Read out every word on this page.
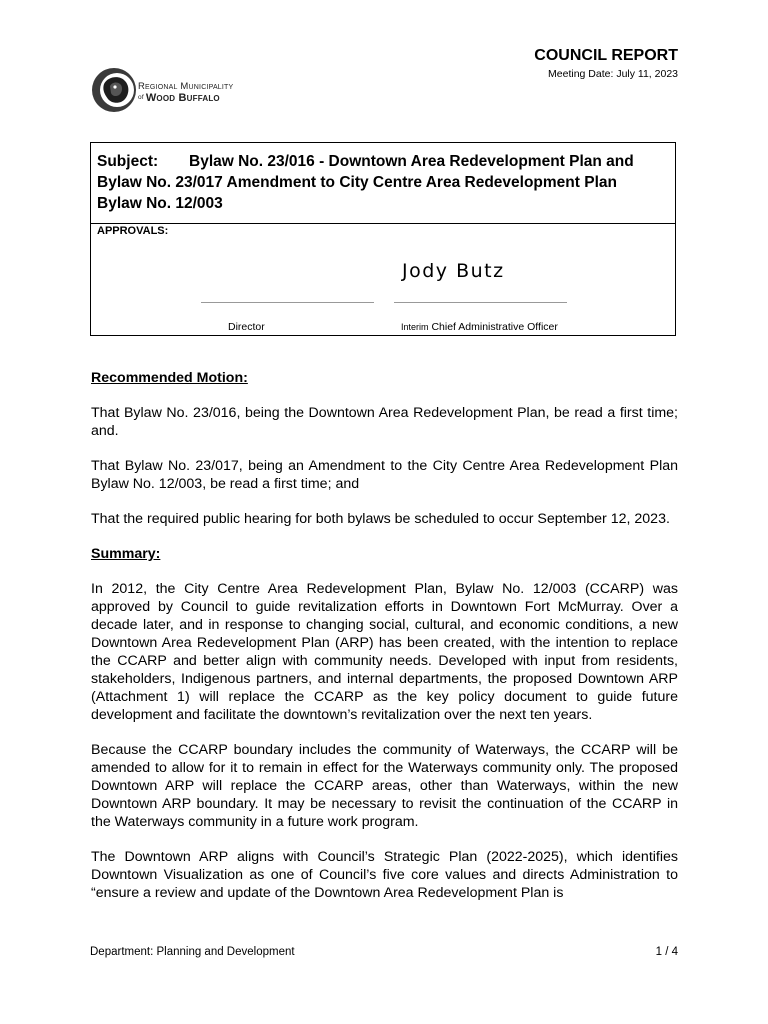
Regional Municipality
$^{of}$ Wood Buffalo
COUNCIL REPORT
Meeting Date: July 11, 2023
Subject: Bylaw No. 23/016 - Downtown Area Redevelopment Plan and Bylaw No. 23/017 Amendment to City Centre Area Redevelopment Plan Bylaw No. 12/003
APPROVALS:
Jody Butz
Director	Interim Chief Administrative Officer

Recommended Motion:

That Bylaw No. 23/016, being the Downtown Area Redevelopment Plan, be read a first time; and.

That Bylaw No. 23/017, being an Amendment to the City Centre Area Redevelopment Plan Bylaw No. 12/003, be read a first time; and

That the required public hearing for both bylaws be scheduled to occur September 12, 2023.

Summary:

In 2012, the City Centre Area Redevelopment Plan, Bylaw No. 12/003 (CCARP) was approved by Council to guide revitalization efforts in Downtown Fort McMurray. Over a decade later, and in response to changing social, cultural, and economic conditions, a new Downtown Area Redevelopment Plan (ARP) has been created, with the intention to replace the CCARP and better align with community needs. Developed with input from residents, stakeholders, Indigenous partners, and internal departments, the proposed Downtown ARP (Attachment 1) will replace the CCARP as the key policy document to guide future development and facilitate the downtown’s revitalization over the next ten years.

Because the CCARP boundary includes the community of Waterways, the CCARP will be amended to allow for it to remain in effect for the Waterways community only. The proposed Downtown ARP will replace the CCARP areas, other than Waterways, within the new Downtown ARP boundary. It may be necessary to revisit the continuation of the CCARP in the Waterways community in a future work program.

The Downtown ARP aligns with Council’s Strategic Plan (2022-2025), which identifies Downtown Visualization as one of Council’s five core values and directs Administration to “ensure a review and update of the Downtown Area Redevelopment Plan is

Department: Planning and Development	1 / 4
